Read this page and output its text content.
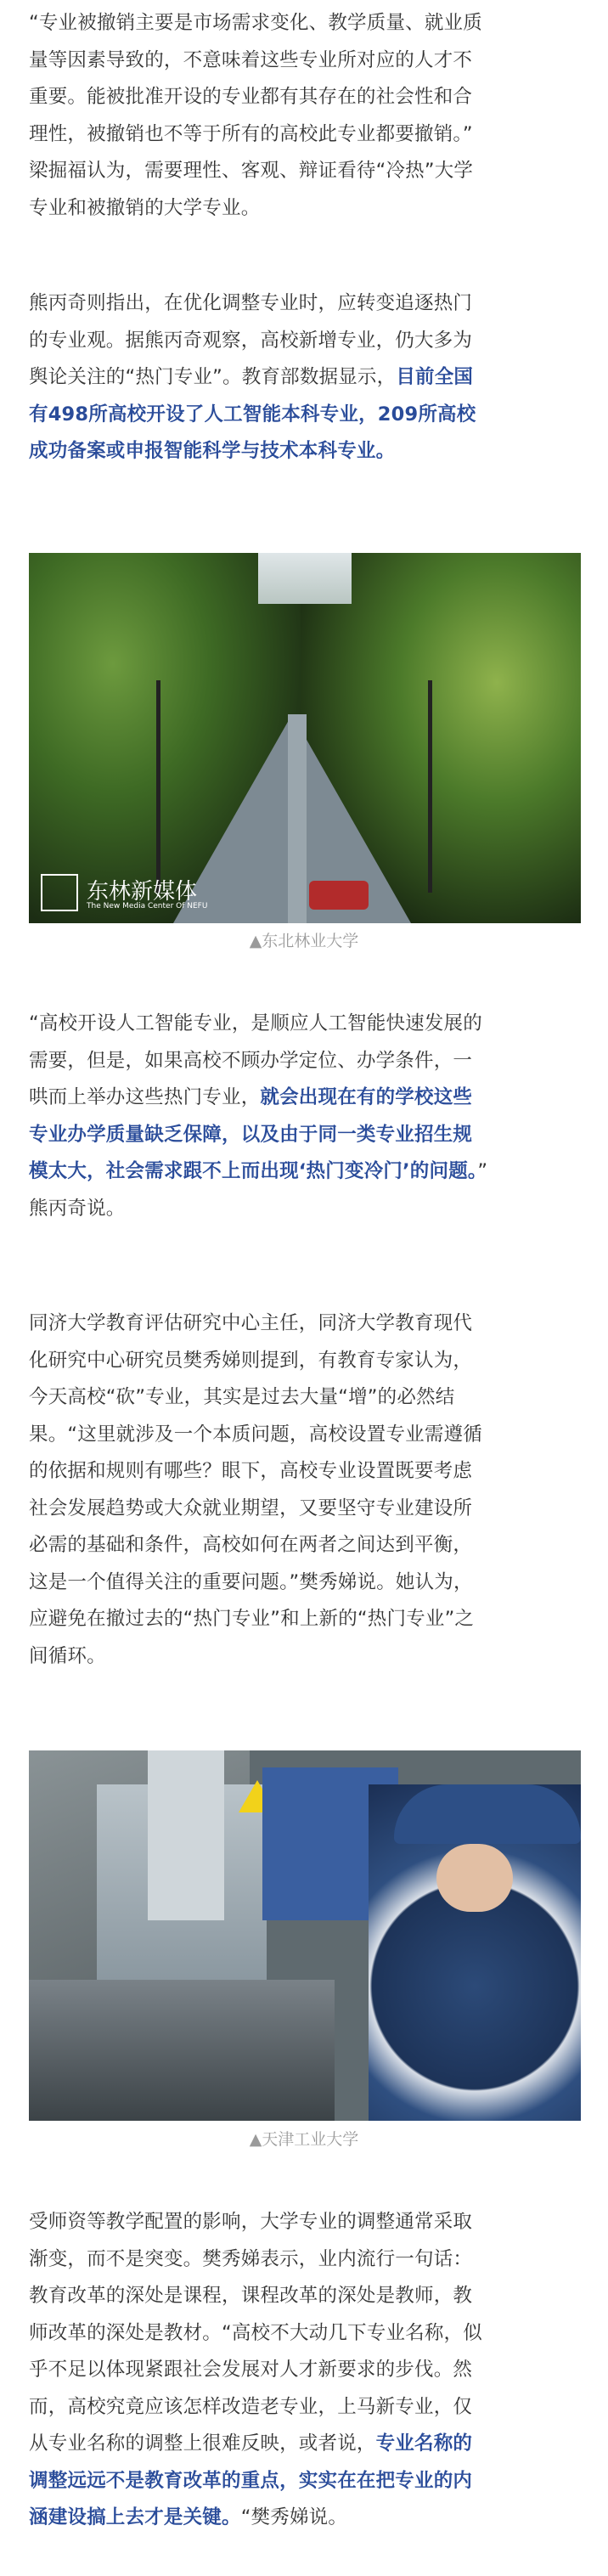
“专业被撤销主要是市场需求变化、教学质量、就业质
量等因素导致的，不意味着这些专业所对应的人才不
重要。能被批准开设的专业都有其存在的社会性和合
理性，被撤销也不等于所有的高校此专业都要撤销。”
梁掘福认为，需要理性、客观、辩证看待“冷热”大学
专业和被撤销的大学专业。
熊丙奇则指出，在优化调整专业时，应转变追逐热门
的专业观。据熊丙奇观察，高校新增专业，仍大多为
舆论关注的“热门专业”。教育部数据显示，目前全国
有498所高校开设了人工智能本科专业，209所高校
成功备案或申报智能科学与技术本科专业。
东林新媒体
The New Media Center Of NEFU
▲东北林业大学
“高校开设人工智能专业，是顺应人工智能快速发展的
需要，但是，如果高校不顾办学定位、办学条件，一
哄而上举办这些热门专业，就会出现在有的学校这些
专业办学质量缺乏保障，以及由于同一类专业招生规
模太大，社会需求跟不上而出现‘热门变冷门’的问题。”
熊丙奇说。
同济大学教育评估研究中心主任，同济大学教育现代
化研究中心研究员樊秀娣则提到，有教育专家认为，
今天高校“砍”专业，其实是过去大量“增”的必然结
果。“这里就涉及一个本质问题，高校设置专业需遵循
的依据和规则有哪些？眼下，高校专业设置既要考虑
社会发展趋势或大众就业期望，又要坚守专业建设所
必需的基础和条件，高校如何在两者之间达到平衡，
这是一个值得关注的重要问题。”樊秀娣说。她认为，
应避免在撤过去的“热门专业”和上新的“热门专业”之
间循环。
▲天津工业大学
受师资等教学配置的影响，大学专业的调整通常采取
渐变，而不是突变。樊秀娣表示，业内流行一句话：
教育改革的深处是课程，课程改革的深处是教师，教
师改革的深处是教材。“高校不大动几下专业名称，似
乎不足以体现紧跟社会发展对人才新要求的步伐。然
而，高校究竟应该怎样改造老专业，上马新专业，仅
从专业名称的调整上很难反映，或者说，专业名称的
调整远远不是教育改革的重点，实实在在把专业的内
涵建设搞上去才是关键。“樊秀娣说。
